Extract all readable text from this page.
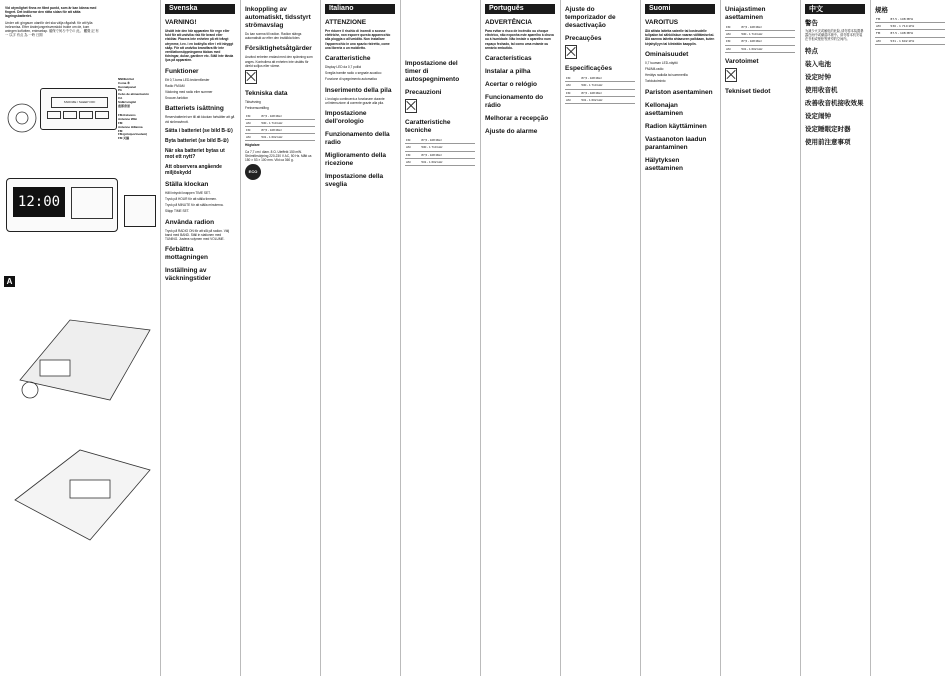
Vid otymlighet finns en fåmt punkt, som är kan känna med fingret. Det indikerar den rätta sidan för att sätta lagringsbatteriet.

Under att: gingaum utanför det ska välja rågalnå: för att fylla inrörsmisa. Efter ändmjungreisvenskdd trukte om de, kom aningen koflotten, enimarksp. 確保で何ろ中での 此。 觸覺 記 有一 以字 有点 為 一時 日期

SNOOZE / SLEEP OFF
NNNbörttet
Coma ③
Kunnalpanel
PA
Cebo de alimentación
CA
Sidkrisingfel
底部背景
FM-frekvens
Antenne Wiki
FM
Antenne Hillanna
FM
FM-(pilotportnedem)
FM 天線
12:00
A
Svenska
VARNING!

Utsätt inte den här apparaten för regn eller fukt för att undvika risk för brand eller elstötar. Placera inte enheten på ett trångt utrymme, t.ex. i en bokhylla eller i ett inbyggt skåp. För att undvika brandfara får inte ventilationsöppningarna täckas med tidningar, dukar, gardiner etc. Ställ inte tända ljus på apparaten.

Funktioner

Ett 0,7-tums LED-teckenfönster

Radio FM/AM

Väckning med radio eller summer

Snooze-funktion

Batteriets isättning

Reservbatteriet ser till att klockan fortsätter att gå vid strömavbrott.

Sätta i batteriet (se bild B-①)
Byta batteriet (se bild B-②)
När ska batteriet bytas ut mot ett nytt?
Att observera angående miljöskydd
Ställa klockan

Håll intryckt knappen TIME SET.

Tryck på HOUR för att ställa timmen.

Tryck på MINUTE för att ställa minuterna.

Släpp TIME SET.

Använda radion

Tryck på RADIO ON för att slå på radion. Välj band med BAND. Ställ in stationen med TUNING. Justera volymen med VOLUME.

Förbättra mottagningen
Inställning av väckningstider
Inkoppling av automatiskt, tidsstyrt strömavslag

Du kan somna till radion. Radion stängs automatiskt av efter den inställda tiden.

Försiktighetsåtgärder

Använd enheten endast med den spänning som anges. Kontrollera att enheten inte utsätts för direkt solljus eller värme.

Tekniska data

Tidsvisning

Frekvensomfång

FM	87,5 - 108 MHz
AM	530 - 1 710 kHz
FM	87,5 - 108 MHz
AM	531 - 1 602 kHz

Högtalare

Ca 7,7 cm i diam. 8 Ω. Uteffekt 150 mW. Strömförsörjning 220-230 V AC, 50 Hz. Mått ca 150 × 53 × 100 mm. Vikt ca 360 g.

ECO
Italiano
ATTENZIONE

Per ridurre il rischio di incendi o scosse elettriche, non esporre questo apparecchio alla pioggia o all'umidità. Non installare l'apparecchio in uno spazio ristretto, come una libreria o un mobiletto.

Caratteristiche

Display LED da 0,7 pollici

Sveglia tramite radio o segnale acustico

Funzione di spegnimento automatico

Inserimento della pila

L'orologio continuerà a funzionare durante un'interruzione di corrente grazie alla pila.

Impostazione dell'orologio
Funzionamento della radio
Miglioramento della ricezione
Impostazione della sveglia
Impostazione del timer di autospegnimento
Precauzioni
Caratteristiche tecniche
FM	87,5 - 108 MHz
AM	530 - 1 710 kHz
FM	87,5 - 108 MHz
AM	531 - 1 602 kHz
Português
ADVERTÊNCIA

Para evitar o risco de incêndio ou choque eléctrico, não exponha este aparelho à chuva ou à humidade. Não instale o aparelho num espaço fechado, tal como uma estante ou armário embutido.

Características
Instalar a pilha
Acertar o relógio
Funcionamento do rádio
Melhorar a recepção
Ajuste do alarme
Ajuste do temporizador de desactivação
Precauções
Especificações
FM	87,5 - 108 MHz
AM	530 - 1 710 kHz
FM	87,5 - 108 MHz
AM	531 - 1 602 kHz
Suomi
VAROITUS

Älä altista laitetta sateelle tai kosteudelle tulipalon tai sähköiskun vaaran välttämiseksi. Älä asenna laitetta ahtaaseen paikkaan, kuten kirjahyllyyn tai kiinteään kaappiin.

Ominaisuudet

0,7 tuuman LED-näyttö

FM/AM-radio

Herätys radiolla tai summerilla

Torkkutoiminto

Pariston asentaminen
Kellonajan asettaminen
Radion käyttäminen
Vastaanoton laadun parantaminen
Hälytyksen asettaminen
Uniajastimen asettaminen
FM	87,5 - 108 MHz
AM	530 - 1 710 kHz
FM	87,5 - 108 MHz
AM	531 - 1 602 kHz
Varotoimet
Tekniset tiedot
中文
警告

为减少火灾或触电的危险,请勿将本装置暴露在雨中或潮湿环境中。请勿将本机安装在书柜或壁柜等狭窄的空间内。

特点
装入电池
设定时钟
使用收音机
改善收音机接收效果
设定闹钟
设定睡眠定时器
使用前注意事项
规格
FM	87.5 - 108 MHz
AM	530 - 1 710 kHz
FM	87.5 - 108 MHz
AM	531 - 1 602 kHz
